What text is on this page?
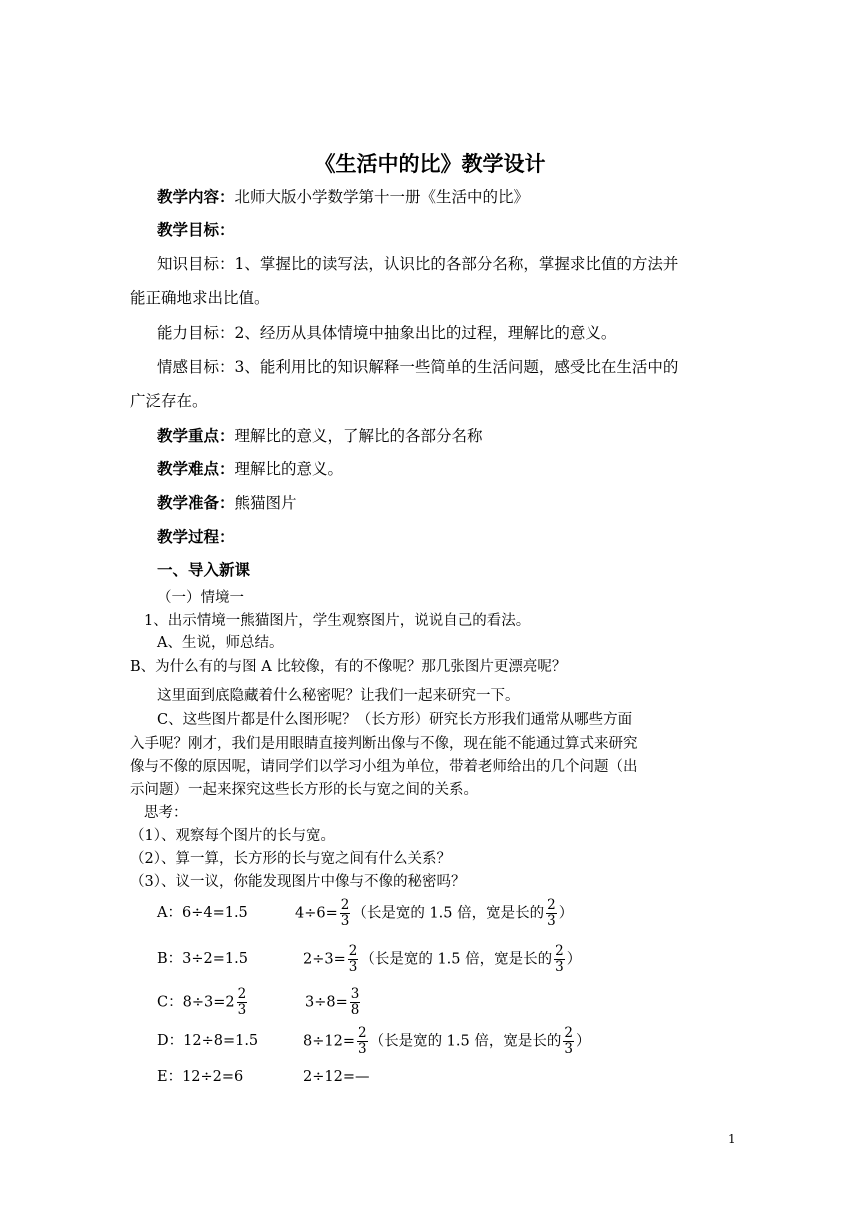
《生活中的比》教学设计
教学内容：北师大版小学数学第十一册《生活中的比》
教学目标：
知识目标：1、掌握比的读写法，认识比的各部分名称，掌握求比值的方法并
能正确地求出比值。
能力目标：2、经历从具体情境中抽象出比的过程，理解比的意义。
情感目标：3、能利用比的知识解释一些简单的生活问题，感受比在生活中的
广泛存在。
教学重点：理解比的意义，了解比的各部分名称
教学难点：理解比的意义。
教学准备：熊猫图片
教学过程：
一、导入新课
（一）情境一
1、出示情境一熊猫图片，学生观察图片，说说自己的看法。
A、生说，师总结。
B、为什么有的与图 A 比较像，有的不像呢？那几张图片更漂亮呢？
这里面到底隐藏着什么秘密呢？让我们一起来研究一下。
C、这些图片都是什么图形呢？（长方形）研究长方形我们通常从哪些方面
入手呢？刚才，我们是用眼睛直接判断出像与不像，现在能不能通过算式来研究
像与不像的原因呢，请同学们以学习小组为单位，带着老师给出的几个问题（出
示问题）一起来探究这些长方形的长与宽之间的关系。
思考：
（1）、观察每个图片的长与宽。
（2）、算一算，长方形的长与宽之间有什么关系？
（3）、议一议，你能发现图片中像与不像的秘密吗？
A：6÷4=1.5	$4\div 6= \frac{2}{3}$ （长是宽的 1.5 倍，宽是长的 $\frac{2}{3}$ ）
B：3÷2=1.5	$2\div 3= \frac{2}{3}$ （长是宽的 1.5 倍，宽是长的 $\frac{2}{3}$ ）
C：$8\div 3=2 \frac{2}{3}$	$3\div 8= \frac{3}{8}$
D：12÷8=1.5	$8\div 12= \frac{2}{3}$ （长是宽的 1.5 倍，宽是长的 $\frac{2}{3}$ ）
E：12÷2=6	2÷12=—
1
